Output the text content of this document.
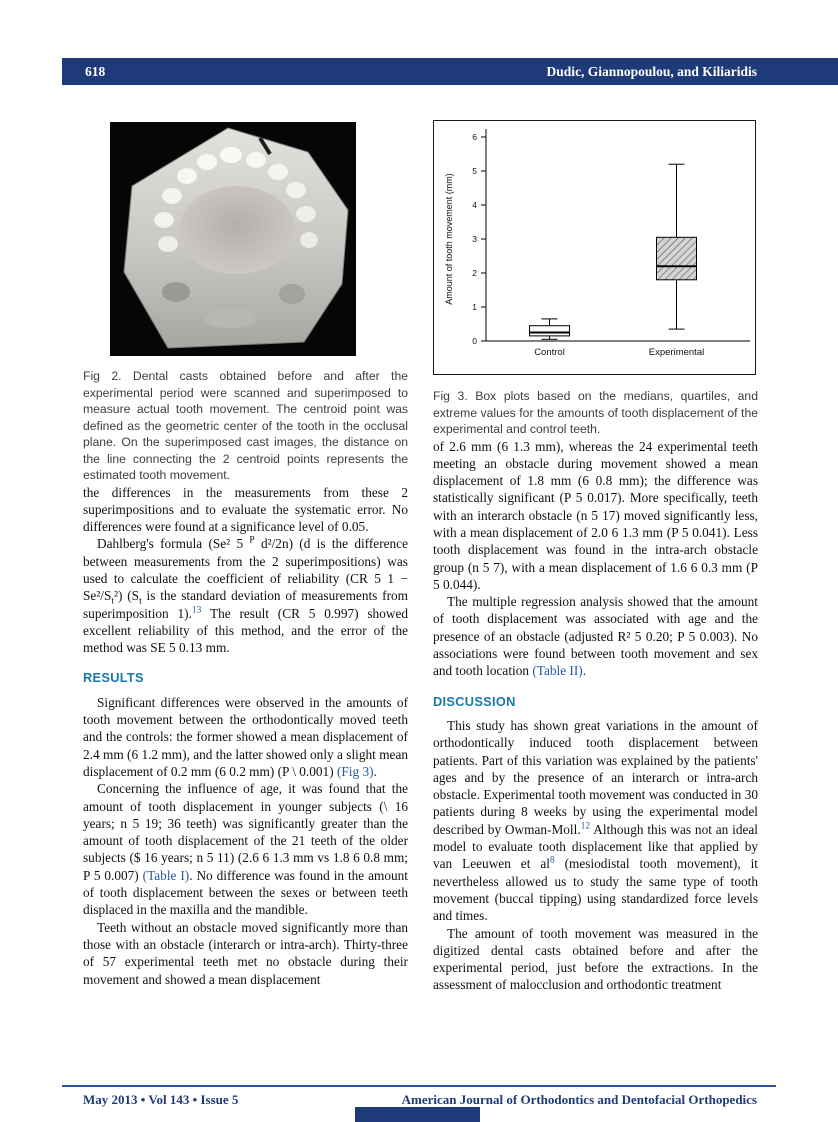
618	Dudic, Giannopoulou, and Kiliaridis

Fig 2. Dental casts obtained before and after the experimental period were scanned and superimposed to measure actual tooth movement. The centroid point was defined as the geometric center of the tooth in the occlusal plane. On the superimposed cast images, the distance on the line connecting the 2 centroid points represents the estimated tooth movement.

the differences in the measurements from these 2 superimpositions and to evaluate the systematic error. No differences were found at a significance level of 0.05.

Dahlberg's formula (Se² 5 $^P$ d²/2n) (d is the difference between measurements from the 2 superimpositions) was used to calculate the coefficient of reliability (CR 5 1 − Se²/$S_t^2$) ($S_t$ is the standard deviation of measurements from superimposition 1).$^{13}$ The result (CR 5 0.997) showed excellent reliability of this method, and the error of the method was SE 5 0.13 mm.

RESULTS

Significant differences were observed in the amounts of tooth movement between the orthodontically moved teeth and the controls: the former showed a mean displacement of 2.4 mm (6 1.2 mm), and the latter showed only a slight mean displacement of 0.2 mm (6 0.2 mm) (P \ 0.001) (Fig 3).

Concerning the influence of age, it was found that the amount of tooth displacement in younger subjects (\ 16 years; n 5 19; 36 teeth) was significantly greater than the amount of tooth displacement of the 21 teeth of the older subjects ($ 16 years; n 5 11) (2.6 6 1.3 mm vs 1.8 6 0.8 mm; P 5 0.007) (Table I). No difference was found in the amount of tooth displacement between the sexes or between teeth displaced in the maxilla and the mandible.

Teeth without an obstacle moved significantly more than those with an obstacle (interarch or intra-arch). Thirty-three of 57 experimental teeth met no obstacle during their movement and showed a mean displacement

0
1
2
3
4
5
6
Amount of tooth movement (mm)
Control	Experimental

Fig 3. Box plots based on the medians, quartiles, and extreme values for the amounts of tooth displacement of the experimental and control teeth.

of 2.6 mm (6 1.3 mm), whereas the 24 experimental teeth meeting an obstacle during movement showed a mean displacement of 1.8 mm (6 0.8 mm); the difference was statistically significant (P 5 0.017). More specifically, teeth with an interarch obstacle (n 5 17) moved significantly less, with a mean displacement of 2.0 6 1.3 mm (P 5 0.041). Less tooth displacement was found in the intra-arch obstacle group (n 5 7), with a mean displacement of 1.6 6 0.3 mm (P 5 0.044).

The multiple regression analysis showed that the amount of tooth displacement was associated with age and the presence of an obstacle (adjusted R² 5 0.20; P 5 0.003). No associations were found between tooth movement and sex and tooth location (Table II).

DISCUSSION

This study has shown great variations in the amount of orthodontically induced tooth displacement between patients. Part of this variation was explained by the patients' ages and by the presence of an interarch or intra-arch obstacle. Experimental tooth movement was conducted in 30 patients during 8 weeks by using the experimental model described by Owman-Moll.$^{12}$ Although this was not an ideal model to evaluate tooth displacement like that applied by van Leeuwen et al$^8$ (mesiodistal tooth movement), it nevertheless allowed us to study the same type of tooth movement (buccal tipping) using standardized force levels and times.

The amount of tooth movement was measured in the digitized dental casts obtained before and after the experimental period, just before the extractions. In the assessment of malocclusion and orthodontic treatment

May 2013 • Vol 143 • Issue 5	American Journal of Orthodontics and Dentofacial Orthopedics
